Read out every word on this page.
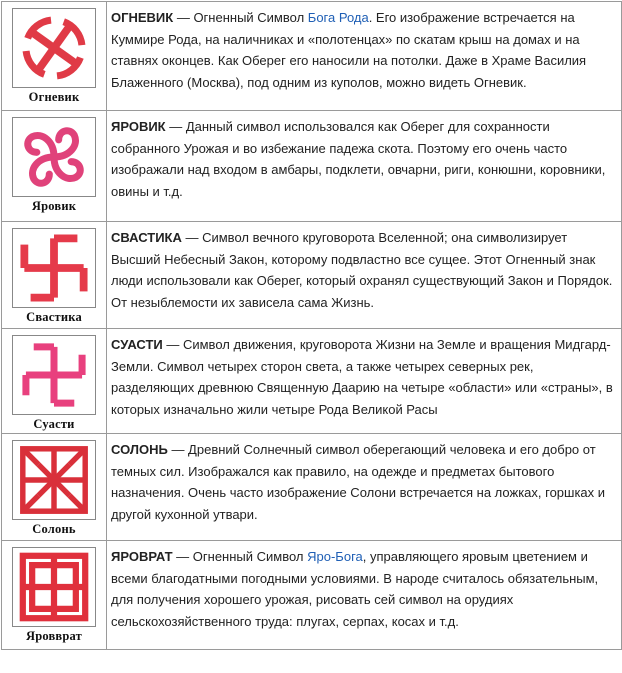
Огневик	ОГНЕВИК — Огненный Символ Бога Рода. Его изображение встречается на Куммире Рода, на наличниках и «полотенцах» по скатам крыш на домах и на ставнях оконцев. Как Оберег его наносили на потолки. Даже в Храме Василия Блаженного (Москва), под одним из куполов, можно видеть Огневик.

Яровик	ЯРОВИК — Данный символ использовался как Оберег для сохранности собранного Урожая и во избежание падежа скота. Поэтому его очень часто изображали над входом в амбары, подклети, овчарни, риги, конюшни, коровники, овины и т.д.

Свастика	СВАСТИКА — Символ вечного круговорота Вселенной; она символизирует Высший Небесный Закон, которому подвластно все сущее. Этот Огненный знак люди использовали как Оберег, который охранял существующий Закон и Порядок. От незыблемости их зависела сама Жизнь.

Суасти	СУАСТИ — Символ движения, круговорота Жизни на Земле и вращения Мидгард-Земли. Символ четырех сторон света, а также четырех северных рек, разделяющих древнюю Священную Даарию на четыре «области» или «страны», в которых изначально жили четыре Рода Великой Расы

Солонь	СОЛОНЬ — Древний Солнечный символ оберегающий человека и его добро от темных сил. Изображался как правило, на одежде и предметах бытового назначения. Очень часто изображение Солони встречается на ложках, горшках и другой кухонной утвари.

Яровврат	ЯРОВРАТ — Огненный Символ Яро-Бога, управляющего яровым цветением и всеми благодатными погодными условиями. В народе считалось обязательным, для получения хорошего урожая, рисовать сей символ на орудиях сельскохозяйственного труда: плугах, серпах, косах и т.д.
